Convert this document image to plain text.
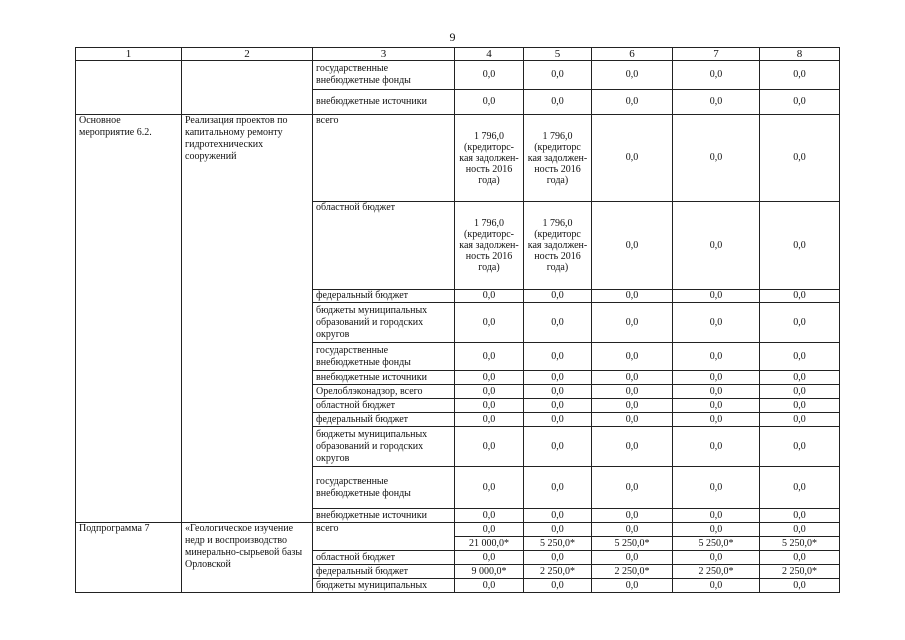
9
1	2	3	4	5	6	7	8
		государственные внебюджетные фонды	0,0	0,0	0,0	0,0	0,0
		внебюджетные источники	0,0	0,0	0,0	0,0	0,0
Основное мероприятие 6.2.	Реализация проектов по капитальному ремонту гидротехнических сооружений	всего	1 796,0 (кредиторс-кая задолжен-ность 2016 года)	1 796,0 (кредиторс кая задолжен-ность 2016 года)	0,0	0,0	0,0
		областной бюджет	1 796,0 (кредиторс-кая задолжен-ность 2016 года)	1 796,0 (кредиторс кая задолжен-ность 2016 года)	0,0	0,0	0,0
		федеральный бюджет	0,0	0,0	0,0	0,0	0,0
		бюджеты муниципальных образований и городских округов	0,0	0,0	0,0	0,0	0,0
		государственные внебюджетные фонды	0,0	0,0	0,0	0,0	0,0
		внебюджетные источники	0,0	0,0	0,0	0,0	0,0
		Орелоблэконадзор, всего	0,0	0,0	0,0	0,0	0,0
		областной бюджет	0,0	0,0	0,0	0,0	0,0
		федеральный бюджет	0,0	0,0	0,0	0,0	0,0
		бюджеты муниципальных образований и городских округов	0,0	0,0	0,0	0,0	0,0
		государственные внебюджетные фонды	0,0	0,0	0,0	0,0	0,0
		внебюджетные источники	0,0	0,0	0,0	0,0	0,0
Подпрограмма 7	«Геологическое изучение недр и воспроизводство минерально-сырьевой базы Орловской	всего	0,0	0,0	0,0	0,0	0,0
			21 000,0*	5 250,0*	5 250,0*	5 250,0*	5 250,0*
		областной бюджет	0,0	0,0	0,0	0,0	0,0
		федеральный бюджет	9 000,0*	2 250,0*	2 250,0*	2 250,0*	2 250,0*
		бюджеты муниципальных	0,0	0,0	0,0	0,0	0,0
